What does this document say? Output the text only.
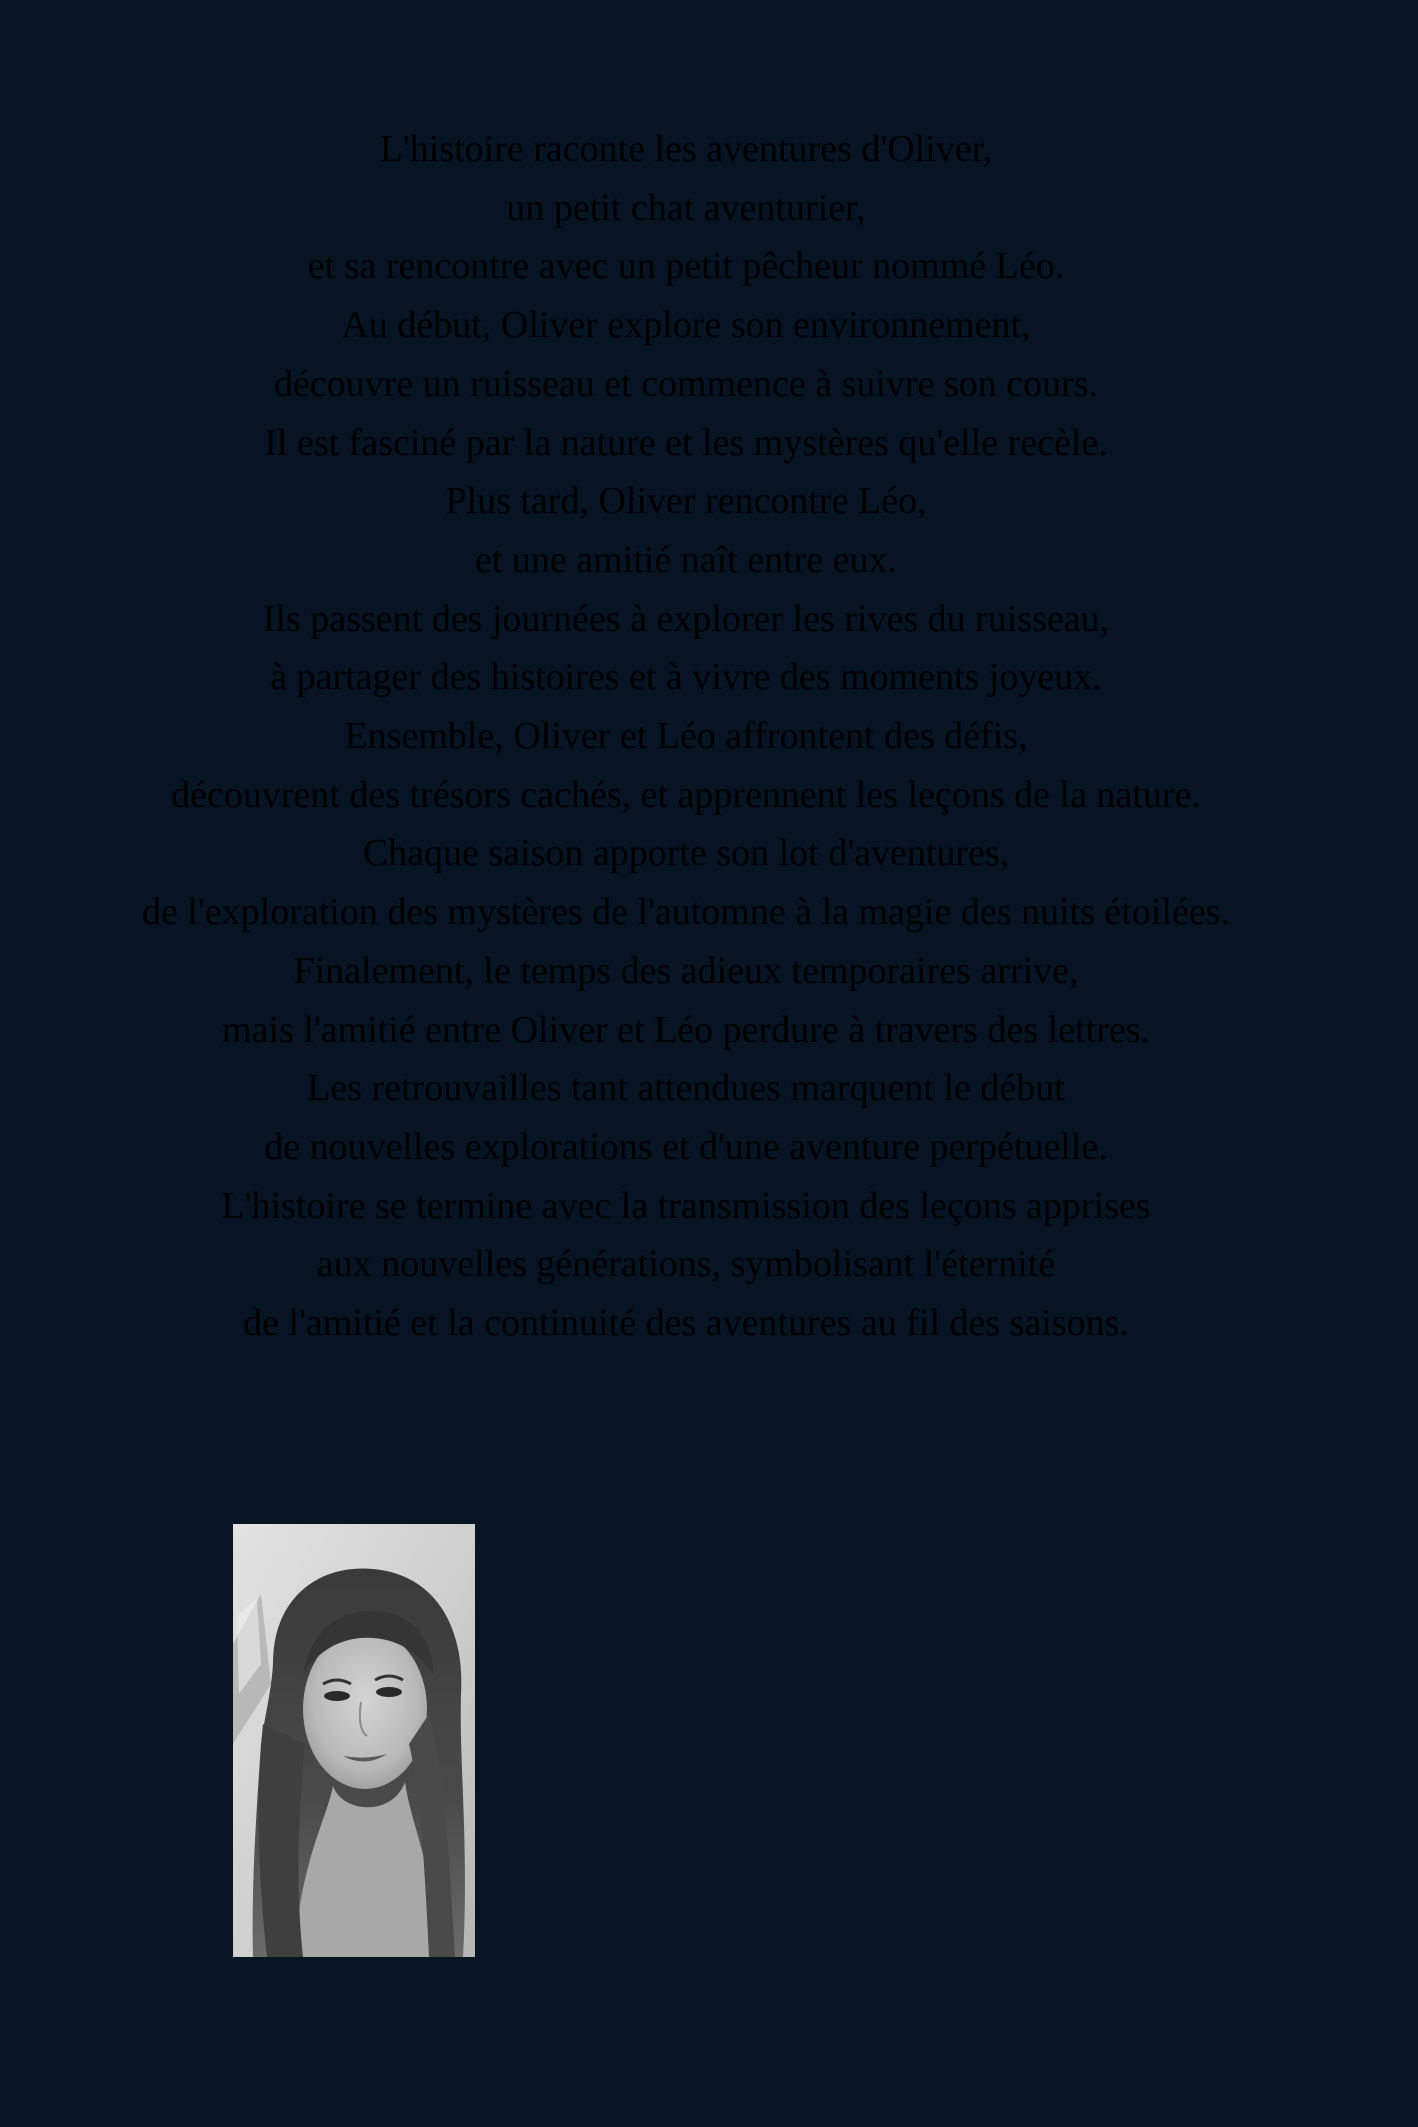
L'histoire raconte les aventures d'Oliver,
un petit chat aventurier,
et sa rencontre avec un petit pêcheur nommé Léo.
Au début, Oliver explore son environnement,
découvre un ruisseau et commence à suivre son cours.
Il est fasciné par la nature et les mystères qu'elle recèle.
Plus tard, Oliver rencontre Léo,
et une amitié naît entre eux.
Ils passent des journées à explorer les rives du ruisseau,
à partager des histoires et à vivre des moments joyeux.
Ensemble, Oliver et Léo affrontent des défis,
découvrent des trésors cachés, et apprennent les leçons de la nature.
Chaque saison apporte son lot d'aventures,
de l'exploration des mystères de l'automne à la magie des nuits étoilées.
Finalement, le temps des adieux temporaires arrive,
mais l'amitié entre Oliver et Léo perdure à travers des lettres.
Les retrouvailles tant attendues marquent le début
de nouvelles explorations et d'une aventure perpétuelle.
L'histoire se termine avec la transmission des leçons apprises
aux nouvelles générations, symbolisant l'éternité
de l'amitié et la continuité des aventures au fil des saisons.
